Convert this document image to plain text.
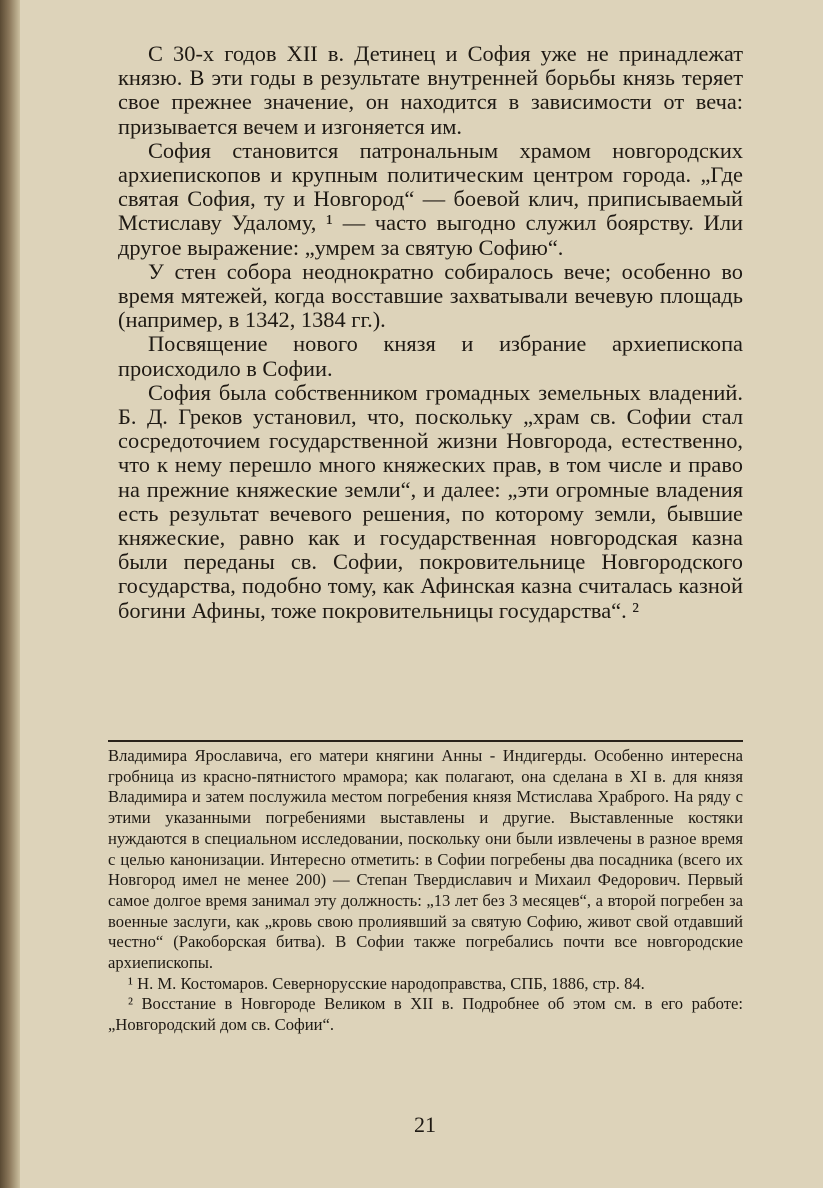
С 30-х годов XII в. Детинец и София уже не принадлежат князю. В эти годы в результате внутренней борьбы князь теряет свое прежнее значение, он находится в зависимости от веча: призывается вечем и изгоняется им.

София становится патрональным храмом новгородских архиепископов и крупным политическим центром города. „Где святая София, ту и Новгород“ — боевой клич, приписываемый Мстиславу Удалому, ¹ — часто выгодно служил боярству. Или другое выражение: „умрем за святую Софию“.

У стен собора неоднократно собиралось вече; особенно во время мятежей, когда восставшие захватывали вечевую площадь (например, в 1342, 1384 гг.).

Посвящение нового князя и избрание архиепископа происходило в Софии.

София была собственником громадных земельных владений. Б. Д. Греков установил, что, поскольку „храм св. Софии стал сосредоточием государственной жизни Новгорода, естественно, что к нему перешло много княжеских прав, в том числе и право на прежние княжеские земли“, и далее: „эти огромные владения есть результат вечевого решения, по которому земли, бывшие княжеские, равно как и государственная новгородская казна были переданы св. Софии, покровительнице Новгородского государства, подобно тому, как Афинская казна считалась казной богини Афины, тоже покровительницы государства“. ²

Владимира Ярославича, его матери княгини Анны - Индигерды. Особенно интересна гробница из красно-пятнистого мрамора; как полагают, она сделана в XI в. для князя Владимира и затем послужила местом погребения князя Мстислава Храброго. На ряду с этими указанными погребениями выставлены и другие. Выставленные костяки нуждаются в специальном исследовании, поскольку они были извлечены в разное время с целью канонизации. Интересно отметить: в Софии погребены два посадника (всего их Новгород имел не менее 200) — Степан Твердиславич и Михаил Федорович. Первый самое долгое время занимал эту должность: „13 лет без 3 месяцев“, а второй погребен за военные заслуги, как „кровь свою пролиявший за святую Софию, живот свой отдавший честно“ (Ракоборская битва). В Софии также погребались почти все новгородские архиепископы.

¹ Н. М. Костомаров. Севернорусские народоправства, СПБ, 1886, стр. 84.

² Восстание в Новгороде Великом в XII в. Подробнее об этом см. в его работе: „Новгородский дом св. Софии“.

21
